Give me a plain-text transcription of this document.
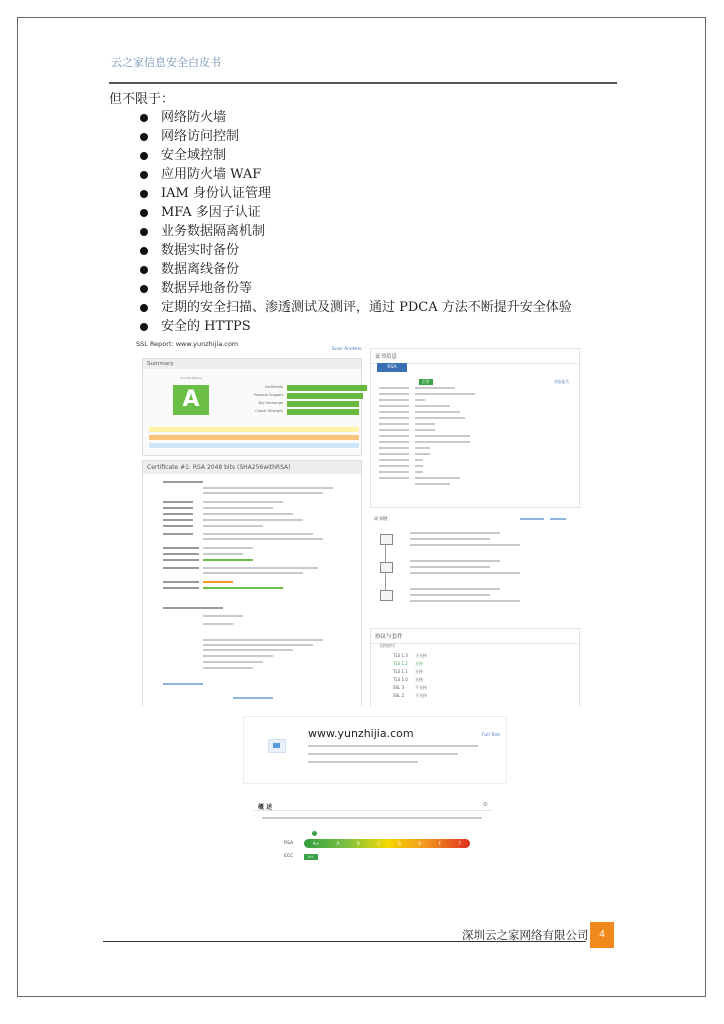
云之家信息安全白皮书
但不限于：
网络防火墙
网络访问控制
安全域控制
应用防火墙 WAF
IAM 身份认证管理
MFA 多因子认证
业务数据隔离机制
数据实时备份
数据离线备份
数据异地备份等
定期的安全扫描、渗透测试及测评，通过 PDCA 方法不断提升安全体验
安全的 HTTPS
SSL Report: www.yunzhijia.com
Scan Another
Summary
Overall Rating
A	Certificate
Protocol Support
Key Exchange
Cipher Strength
Certificate #1: RSA 2048 bits (SHA256withRSA)
证书信息
RSA
正常	获取报告
证书链
协议与套件
支持协议
TLS 1.3 不支持
TLS 1.2 支持
TLS 1.1 支持
TLS 1.0 支持
SSL 3	不支持
SSL 2	不支持
www.yunzhijia.com	Full Test
概 述	⚙
RSA	A+	A	B	C	D	E	F	T
ECC	A+
深圳云之家网络有限公司	4
